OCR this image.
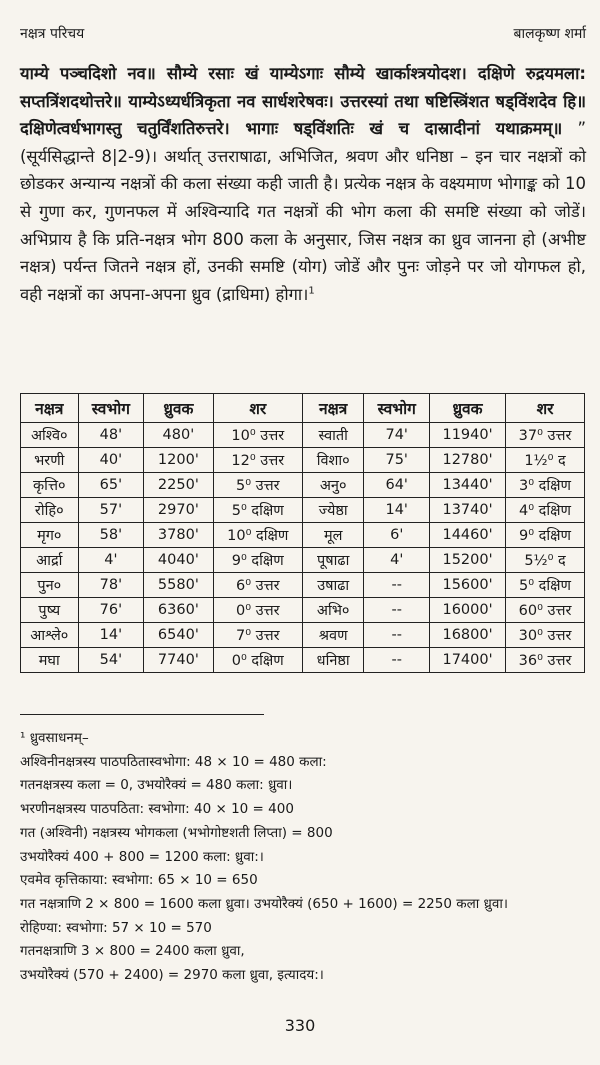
नक्षत्र परिचय	बालकृष्ण शर्मा
याम्ये पञ्चदिशो नव॥ सौम्ये रसाः खं याम्येऽगाः सौम्ये खार्काश्त्रयोदश। दक्षिणे रुद्रयमला: सप्तत्रिंशदथोत्तरे॥ याम्येऽध्यर्धत्रिकृता नव सार्धशरेषवः। उत्तरस्यां तथा षष्टिस्त्रिंशत षड्विंशदेव हि॥ दक्षिणेत्वर्धभागस्तु चतुर्विंशतिरुत्तरे। भागाः षड्विंशतिः खं च दास्रादीनां यथाक्रमम्॥ ” (सूर्यसिद्धान्ते 8|2-9)। अर्थात् उत्तराषाढा, अभिजित, श्रवण और धनिष्ठा – इन चार नक्षत्रों को छोडकर अन्यान्य नक्षत्रों की कला संख्या कही जाती है। प्रत्येक नक्षत्र के वक्ष्यमाण भोगाङ्क को 10 से गुणा कर, गुणनफल में अश्विन्यादि गत नक्षत्रों की भोग कला की समष्टि संख्या को जोडें। अभिप्राय है कि प्रति-नक्षत्र भोग 800 कला के अनुसार, जिस नक्षत्र का ध्रुव जानना हो (अभीष्ट नक्षत्र) पर्यन्त जितने नक्षत्र हों, उनकी समष्टि (योग) जोडें और पुनः जोड़ने पर जो योगफल हो, वही नक्षत्रों का अपना-अपना ध्रुव (द्राधिमा) होगा।$^1$
नक्षत्र	स्वभोग	ध्रुवक	शर	नक्षत्र	स्वभोग	ध्रुवक	शर
अश्वि०	48'	480'	10⁰ उत्तर	स्वाती	74'	11940'	37⁰ उत्तर
भरणी	40'	1200'	12⁰ उत्तर	विशा०	75'	12780'	1½⁰ द
कृत्ति०	65'	2250'	5⁰ उत्तर	अनु०	64'	13440'	3⁰ दक्षिण
रोहि०	57'	2970'	5⁰ दक्षिण	ज्येष्ठा	14'	13740'	4⁰ दक्षिण
मृग०	58'	3780'	10⁰ दक्षिण	मूल	6'	14460'	9⁰ दक्षिण
आर्द्रा	4'	4040'	9⁰ दक्षिण	पूषाढा	4'	15200'	5½⁰ द
पुन०	78'	5580'	6⁰ उत्तर	उषाढा	--	15600'	5⁰ दक्षिण
पुष्य	76'	6360'	0⁰ उत्तर	अभि०	--	16000'	60⁰ उत्तर
आश्ले०	14'	6540'	7⁰ उत्तर	श्रवण	--	16800'	30⁰ उत्तर
मघा	54'	7740'	0⁰ दक्षिण	धनिष्ठा	--	17400'	36⁰ उत्तर
¹ ध्रुवसाधनम्–
अश्विनीनक्षत्रस्य पाठपठितास्वभोगा: 48 × 10 = 480 कला:
गतनक्षत्रस्य कला = 0, उभयोरैक्यं = 480 कला: ध्रुवा।
भरणीनक्षत्रस्य पाठपठिता: स्वभोगा: 40 × 10 = 400
गत (अश्विनी) नक्षत्रस्य भोगकला (भभोगोष्टशती लिप्ता) = 800
उभयोरैक्यं 400 + 800 = 1200 कला: ध्रुवा:।
एवमेव कृत्तिकाया: स्वभोगा: 65 × 10 = 650
गत नक्षत्राणि 2 × 800 = 1600 कला ध्रुवा। उभयोरैक्यं (650 + 1600) = 2250 कला ध्रुवा।
रोहिण्या: स्वभोगा: 57 × 10 = 570
गतनक्षत्राणि 3 × 800 = 2400 कला ध्रुवा,
उभयोरैक्यं (570 + 2400) = 2970 कला ध्रुवा, इत्यादय:।
330
